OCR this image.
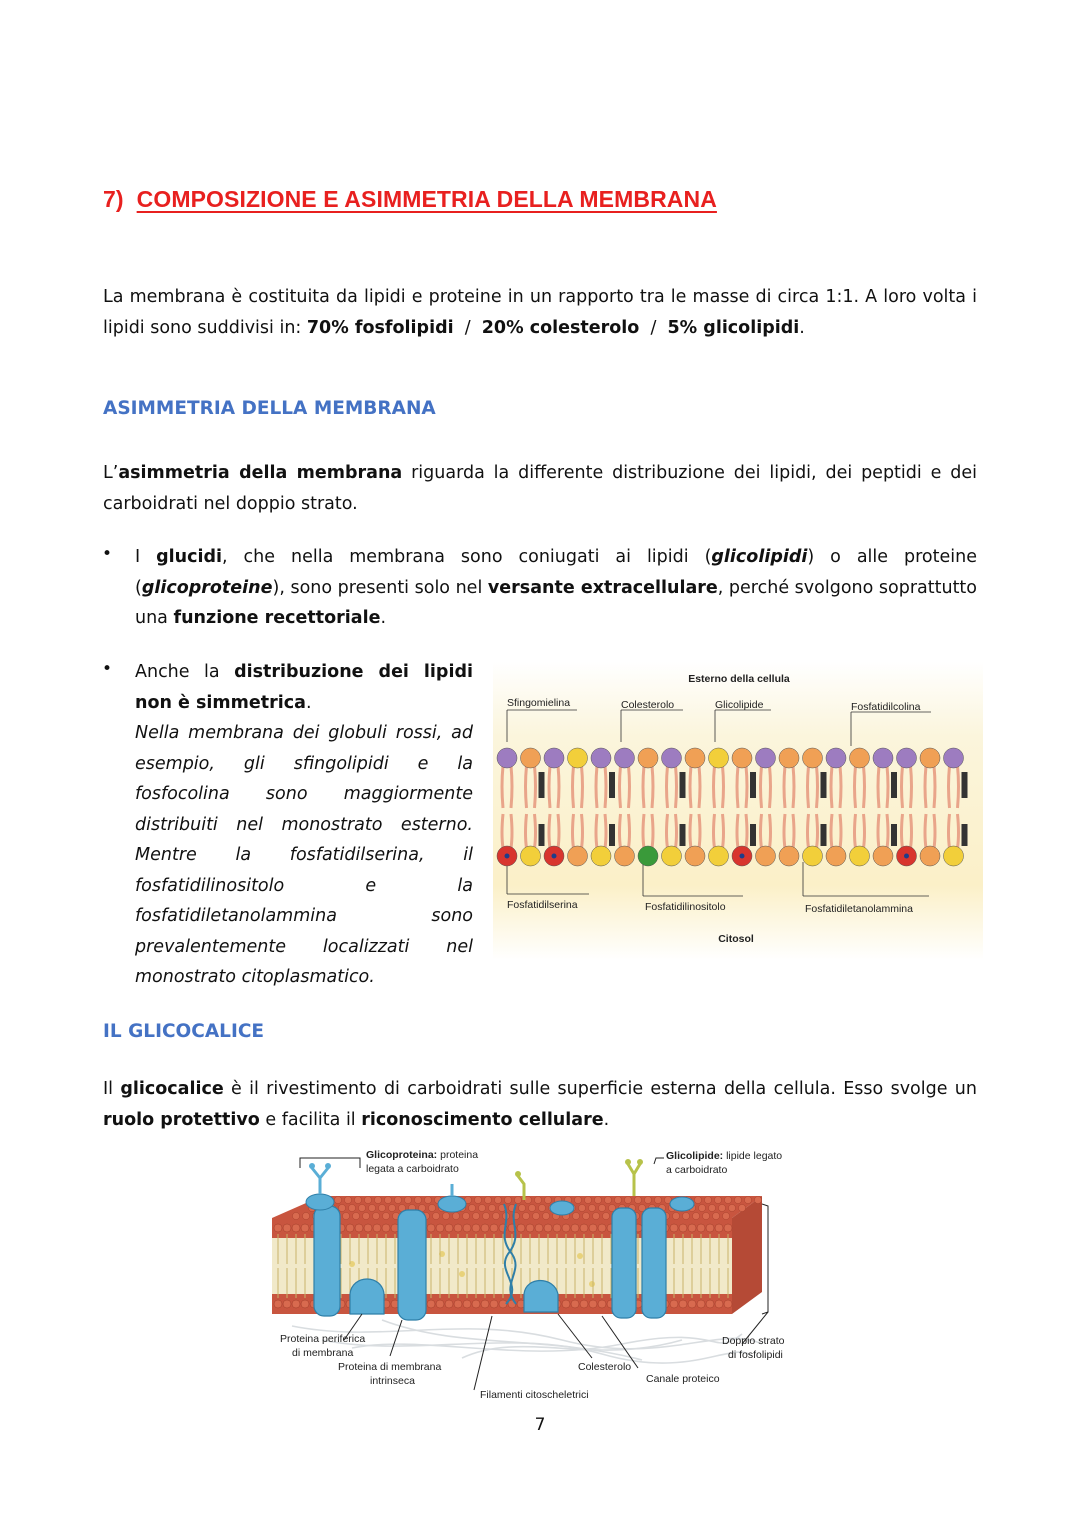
7) COMPOSIZIONE E ASIMMETRIA DELLA MEMBRANA
La membrana è costituita da lipidi e proteine in un rapporto tra le masse di circa 1:1. A loro volta i lipidi sono suddivisi in: 70% fosfolipidi  /  20% colesterolo  /  5% glicolipidi.
ASIMMETRIA DELLA MEMBRANA
L’asimmetria della membrana riguarda la differente distribuzione dei lipidi, dei peptidi e dei carboidrati nel doppio strato.
• I glucidi, che nella membrana sono coniugati ai lipidi (glicolipidi) o alle proteine (glicoproteine), sono presenti solo nel versante extracellulare, perché svolgono soprattutto una funzione recettoriale.
• Anche la distribuzione dei lipidi non è simmetrica.
Nella membrana dei globuli rossi, ad esempio, gli sfingolipidi e la fosfocolina sono maggiormente distribuiti nel monostrato esterno. Mentre la fosfatidilserina, il fosfatidilinositolo e la fosfatidiletanolammina sono prevalentemente localizzati nel monostrato citoplasmatico.
Esterno della cellula
Citosol
Sfingomielina	Colesterolo	Glicolipide	Fosfatidilcolina
Fosfatidilserina	Fosfatidilinositolo	Fosfatidiletanolammina
IL GLICOCALICE
Il glicocalice è il rivestimento di carboidrati sulle superficie esterna della cellula. Esso svolge un ruolo protettivo e facilita il riconoscimento cellulare.
Glicoproteina: proteina
legata a carboidrato
Glicolipide: lipide legato
a carboidrato
Proteina periferica
di membrana
Proteina di membrana
intrinseca
Filamenti citoscheletrici
Colesterolo
Canale proteico
Doppio strato
di fosfolipidi
7
